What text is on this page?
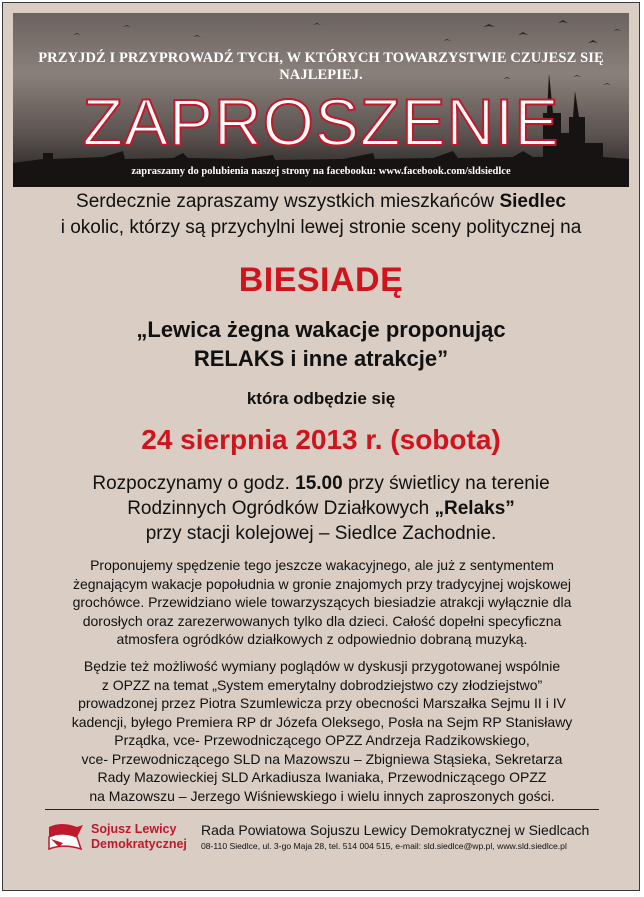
PRZYJDŹ I PRZYPROWADŹ TYCH, W KTÓRYCH TOWARZYSTWIE CZUJESZ SIĘ NAJLEPIEJ.
ZAPROSZENIE
zapraszamy do polubienia naszej strony na facebooku: www.facebook.com/sldsiedlce
Serdecznie zapraszamy wszystkich mieszkańców Siedlec
i okolic, którzy są przychylni lewej stronie sceny politycznej na
BIESIADĘ
„Lewica żegna wakacje proponując
RELAKS i inne atrakcje”
która odbędzie się
24 sierpnia 2013 r. (sobota)
Rozpoczynamy o godz. 15.00 przy świetlicy na terenie
Rodzinnych Ogródków Działkowych „Relaks”
przy stacji kolejowej – Siedlce Zachodnie.
Proponujemy spędzenie tego jeszcze wakacyjnego, ale już z sentymentem
żegnającym wakacje popołudnia w gronie znajomych przy tradycyjnej wojskowej
grochówce. Przewidziano wiele towarzyszących biesiadzie atrakcji wyłącznie dla
dorosłych oraz zarezerwowanych tylko dla dzieci. Całość dopełni specyficzna
atmosfera ogródków działkowych z odpowiednio dobraną muzyką.
Będzie też możliwość wymiany poglądów w dyskusji przygotowanej wspólnie
z OPZZ na temat „System emerytalny dobrodziejstwo czy złodziejstwo”
prowadzonej przez Piotra Szumlewicza przy obecności Marszałka Sejmu II i IV
kadencji, byłego Premiera RP dr Józefa Oleksego, Posła na Sejm RP Stanisławy
Prządka, vce- Przewodniczącego OPZZ Andrzeja Radzikowskiego,
vce- Przewodniczącego SLD na Mazowszu – Zbigniewa Stąsieka, Sekretarza
Rady Mazowieckiej SLD Arkadiusza Iwaniaka, Przewodniczącego OPZZ
na Mazowszu – Jerzego Wiśniewskiego i wielu innych zaproszonych gości.
Sojusz Lewicy
Demokratycznej
Rada Powiatowa Sojuszu Lewicy Demokratycznej w Siedlcach
08-110 Siedlce, ul. 3-go Maja 28, tel. 514 004 515, e-mail: sld.siedlce@wp.pl, www.sld.siedlce.pl
